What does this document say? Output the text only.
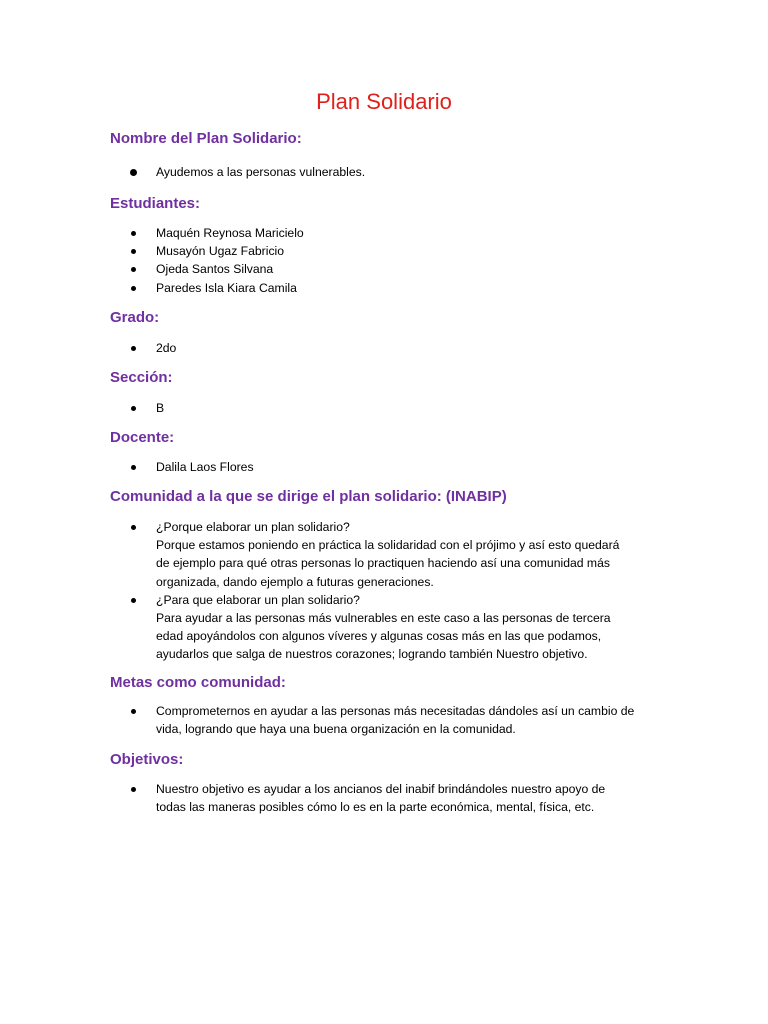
Plan Solidario
Nombre del Plan Solidario:
Ayudemos a las personas vulnerables.
Estudiantes:
Maquén Reynosa Maricielo
Musayón Ugaz Fabricio
Ojeda Santos Silvana
Paredes Isla Kiara Camila
Grado:
2do
Sección:
B
Docente:
Dalila Laos Flores
Comunidad a la que se dirige el plan solidario: (INABIP)
¿Porque elaborar un plan solidario?
Porque estamos poniendo en práctica la solidaridad con el prójimo y así esto quedará
de ejemplo para qué otras personas lo practiquen haciendo así una comunidad más
organizada, dando ejemplo a futuras generaciones.
¿Para que elaborar un plan solidario?
Para ayudar a las personas más vulnerables en este caso a las personas de tercera
edad apoyándolos con algunos víveres y algunas cosas más en las que podamos,
ayudarlos que salga de nuestros corazones; logrando también Nuestro objetivo.
Metas como comunidad:
Comprometernos en ayudar a las personas más necesitadas dándoles así un cambio de
vida, logrando que haya una buena organización en la comunidad.
Objetivos:
Nuestro objetivo es ayudar a los ancianos del inabif brindándoles nuestro apoyo de
todas las maneras posibles cómo lo es en la parte económica, mental, física, etc.
